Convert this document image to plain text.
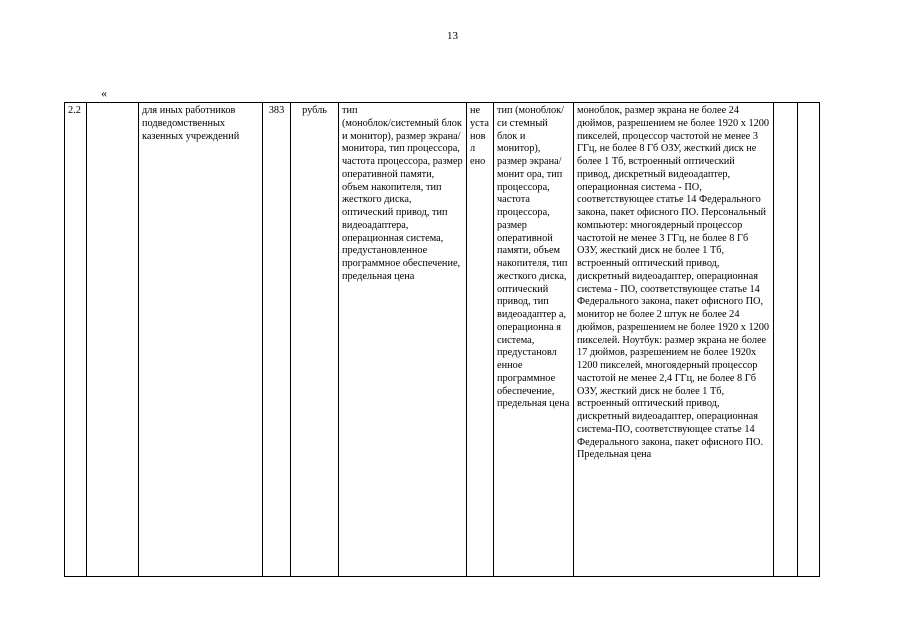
13
«
2.2		для иных работников подведомственных казенных учреждений	383	рубль	тип
(моноблок/системный блок и монитор), размер экрана/монитора, тип процессора, частота процессора, размер оперативной памяти, объем накопителя, тип жесткого диска, оптический привод, тип видеоадаптера, операционная система, предустановленное программное обеспечение, предельная цена	не уста новл ено	тип (моноблок/си стемный блок и монитор), размер экрана/монит ора, тип процессора, частота процессора, размер оперативной памяти, объем накопителя, тип жесткого диска, оптический привод, тип видеоадаптер а, операционна я система, предустановл енное программное обеспечение, предельная цена	моноблок, размер экрана не более 24 дюймов, разрешением не более 1920 x 1200 пикселей, процессор частотой не менее 3 ГГц, не более 8 Гб ОЗУ, жесткий диск не более 1 Тб, встроенный оптический привод, дискретный видеоадаптер, операционная система - ПО, соответствующее статье 14 Федерального закона, пакет офисного ПО. Персональный компьютер: многоядерный процессор частотой не менее 3 ГГц, не более 8 Гб ОЗУ, жесткий диск не более 1 Тб, встроенный оптический привод, дискретный видеоадаптер, операционная система - ПО, соответствующее статье 14 Федерального закона, пакет офисного ПО, монитор не более 2 штук не более 24 дюймов, разрешением не более 1920 x 1200 пикселей. Ноутбук: размер экрана не более 17 дюймов, разрешением не более 1920x 1200 пикселей, многоядерный процессор частотой не менее 2,4 ГГц, не более 8 Гб ОЗУ, жесткий диск не более 1 Тб, встроенный оптический привод, дискретный видеоадаптер, операционная система-ПО, соответствующее статье 14 Федерального закона, пакет офисного ПО. Предельная цена		
